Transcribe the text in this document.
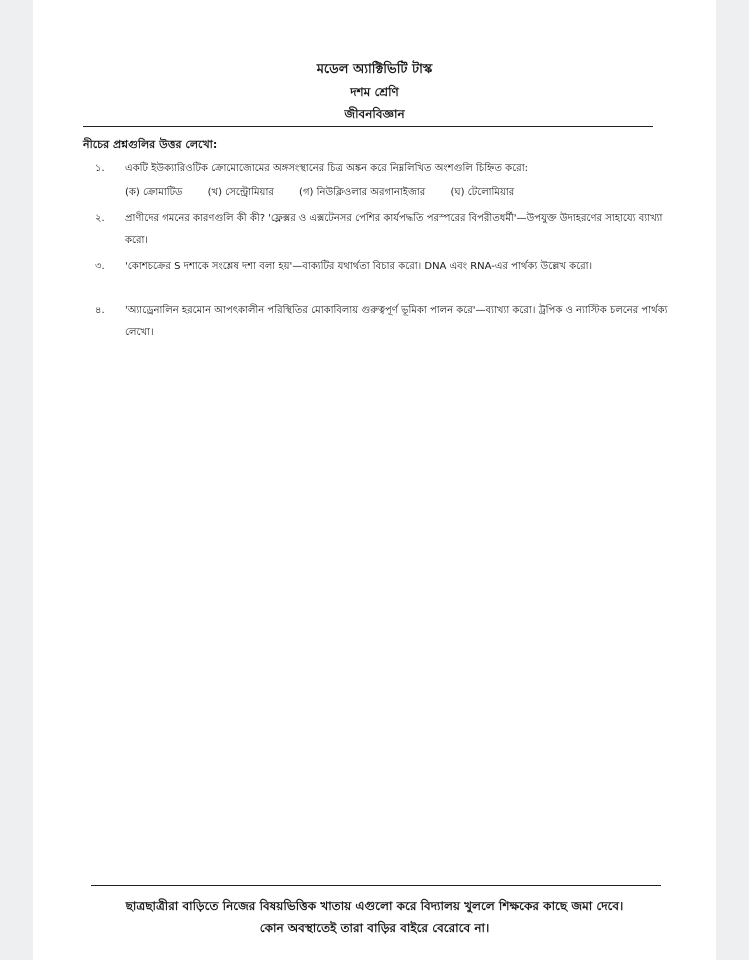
মডেল অ্যাক্টিভিটি টাস্ক
দশম শ্রেণি
জীবনবিজ্ঞান
নীচের প্রশ্নগুলির উত্তর লেখো:
১.	একটি ইউক্যারিওটিক ক্রোমোজোমের অঙ্গসংস্থানের চিত্র অঙ্কন করে নিম্নলিখিত অংশগুলি চিহ্নিত করো:
(ক) ক্রোমাটিড	(খ) সেন্ট্রোমিয়ার	(গ) নিউক্লিওলার অরগানাইজার	(ঘ) টেলোমিয়ার
২.	প্রাণীদের গমনের কারণগুলি কী কী? 'ফ্লেক্সর ও এক্সটেনসর পেশির কার্যপদ্ধতি পরস্পরের বিপরীতধর্মী'—উপযুক্ত উদাহরণের সাহায্যে ব্যাখ্যা করো।
৩.	'কোশচক্রের S দশাকে সংশ্লেষ দশা বলা হয়'—বাক্যটির যথার্থতা বিচার করো। DNA এবং RNA-এর পার্থক্য উল্লেখ করো।
৪.	'অ্যাড্রেনালিন হরমোন আপৎকালীন পরিস্থিতির মোকাবিলায় গুরুত্বপূর্ণ ভূমিকা পালন করে'—ব্যাখ্যা করো। ট্রপিক ও ন্যাস্টিক চলনের পার্থক্য লেখো।
ছাত্রছাত্রীরা বাড়িতে নিজের বিষয়ভিত্তিক খাতায় এগুলো করে বিদ্যালয় খুললে শিক্ষকের কাছে জমা দেবে।
কোন অবস্থাতেই তারা বাড়ির বাইরে বেরোবে না।
